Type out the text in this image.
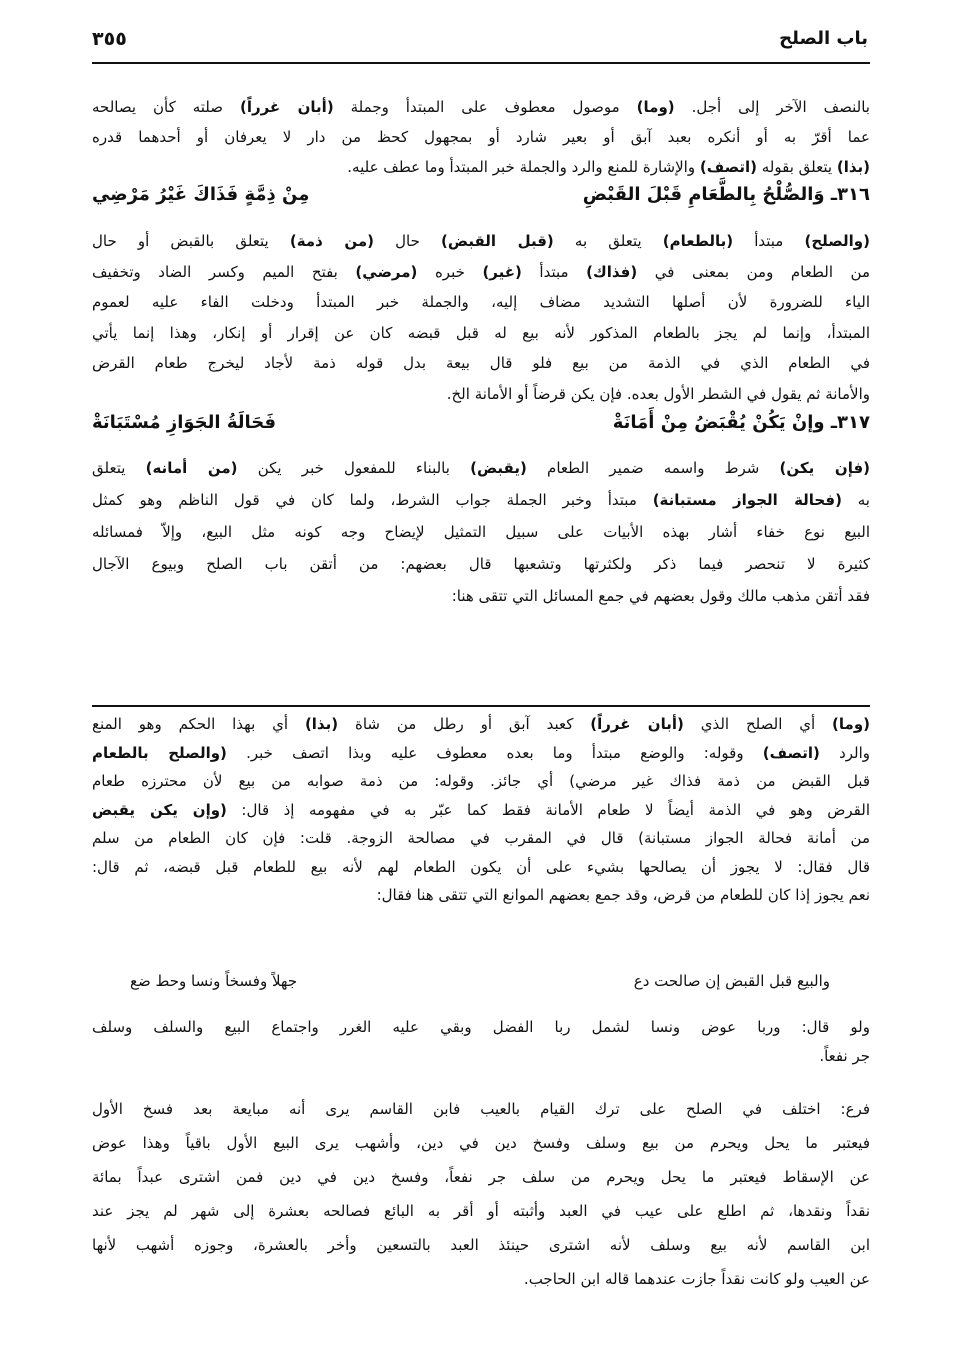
باب الصلح
٣٥٥
بالنصف الآخر إلى أجل. (وما) موصول معطوف على المبتدأ وجملة (أبان غرراً) صلته كأن يصالحه
عما أقرّ به أو أنكره بعبد آبق أو بعير شارد أو بمجهول كحظ من دار لا يعرفان أو أحدهما قدره
(بذا) يتعلق بقوله (اتصف) والإشارة للمنع والرد والجملة خبر المبتدأ وما عطف عليه.
٣١٦ـ وَالصُّلْحُ بِالطَّعَامِ قَبْلَ القَبْضِ
مِنْ ذِمَّةٍ فَذَاكَ غَيْرُ مَرْضِي
(والصلح) مبتدأ (بالطعام) يتعلق به (قبل القبض) حال (من ذمة) يتعلق بالقبض أو حال
من الطعام ومن بمعنى في (فذاك) مبتدأ (غير) خبره (مرضي) بفتح الميم وكسر الضاد وتخفيف
الياء للضرورة لأن أصلها التشديد مضاف إليه، والجملة خبر المبتدأ ودخلت الفاء عليه لعموم
المبتدأ، وإنما لم يجز بالطعام المذكور لأنه بيع له قبل قبضه كان عن إقرار أو إنكار، وهذا إنما يأتي
في الطعام الذي في الذمة من بيع فلو قال بيعة بدل قوله ذمة لأجاد ليخرج طعام القرض
والأمانة ثم يقول في الشطر الأول بعده. فإن يكن قرضاً أو الأمانة الخ.
٣١٧ـ وإنْ يَكُنْ يُقْبَضُ مِنْ أَمَانَةْ
فَحَالَةُ الجَوَازِ مُسْتَبَانَةْ
(فإن يكن) شرط واسمه ضمير الطعام (يقبض) بالبناء للمفعول خبر يكن (من أمانه) يتعلق
به (فحالة الجواز مستبانة) مبتدأ وخبر الجملة جواب الشرط، ولما كان في قول الناظم وهو كمثل
البيع نوع خفاء أشار بهذه الأبيات على سبيل التمثيل لإيضاح وجه كونه مثل البيع، وإلاّ فمسائله
كثيرة لا تنحصر فيما ذكر ولكثرتها وتشعبها قال بعضهم: من أتقن باب الصلح وبيوع الآجال
فقد أتقن مذهب مالك وقول بعضهم في جمع المسائل التي تتقى هنا:
(وما) أي الصلح الذي (أبان غرراً) كعبد آبق أو رطل من شاة (بذا) أي بهذا الحكم وهو المنع
والرد (اتصف) وقوله: والوضع مبتدأ وما بعده معطوف عليه وبذا اتصف خبر. (والصلح بالطعام
قبل القبض من ذمة فذاك غير مرضي) أي جائز. وقوله: من ذمة صوابه من بيع لأن محترزه طعام
القرض وهو في الذمة أيضاً لا طعام الأمانة فقط كما عبّر به في مفهومه إذ قال: (وإن يكن يقبض
من أمانة فحالة الجواز مستبانة) قال في المقرب في مصالحة الزوجة. قلت: فإن كان الطعام من سلم
قال فقال: لا يجوز أن يصالحها بشيء على أن يكون الطعام لهم لأنه بيع للطعام قبل قبضه، ثم قال:
نعم يجوز إذا كان للطعام من قرض، وقد جمع بعضهم الموانع التي تتقى هنا فقال:
والبيع قبل القبض إن صالحت دع
جهلاً وفسخاً ونسا وحط ضع
ولو قال: وربا عوض ونسا لشمل ربا الفضل وبقي عليه الغرر واجتماع البيع والسلف وسلف
جر نفعاً.
فرع: اختلف في الصلح على ترك القيام بالعيب فابن القاسم يرى أنه مبايعة بعد فسخ الأول
فيعتبر ما يحل ويحرم من بيع وسلف وفسخ دين في دين، وأشهب يرى البيع الأول باقياً وهذا عوض
عن الإسقاط فيعتبر ما يحل ويحرم من سلف جر نفعاً، وفسخ دين في دين فمن اشترى عبداً بمائة
نقداً ونقدها، ثم اطلع على عيب في العبد وأثبته أو أقر به البائع فصالحه بعشرة إلى شهر لم يجز عند
ابن القاسم لأنه بيع وسلف لأنه اشترى حينئذ العبد بالتسعين وأخر بالعشرة، وجوزه أشهب لأنها
عن العيب ولو كانت نقداً جازت عندهما قاله ابن الحاجب.
